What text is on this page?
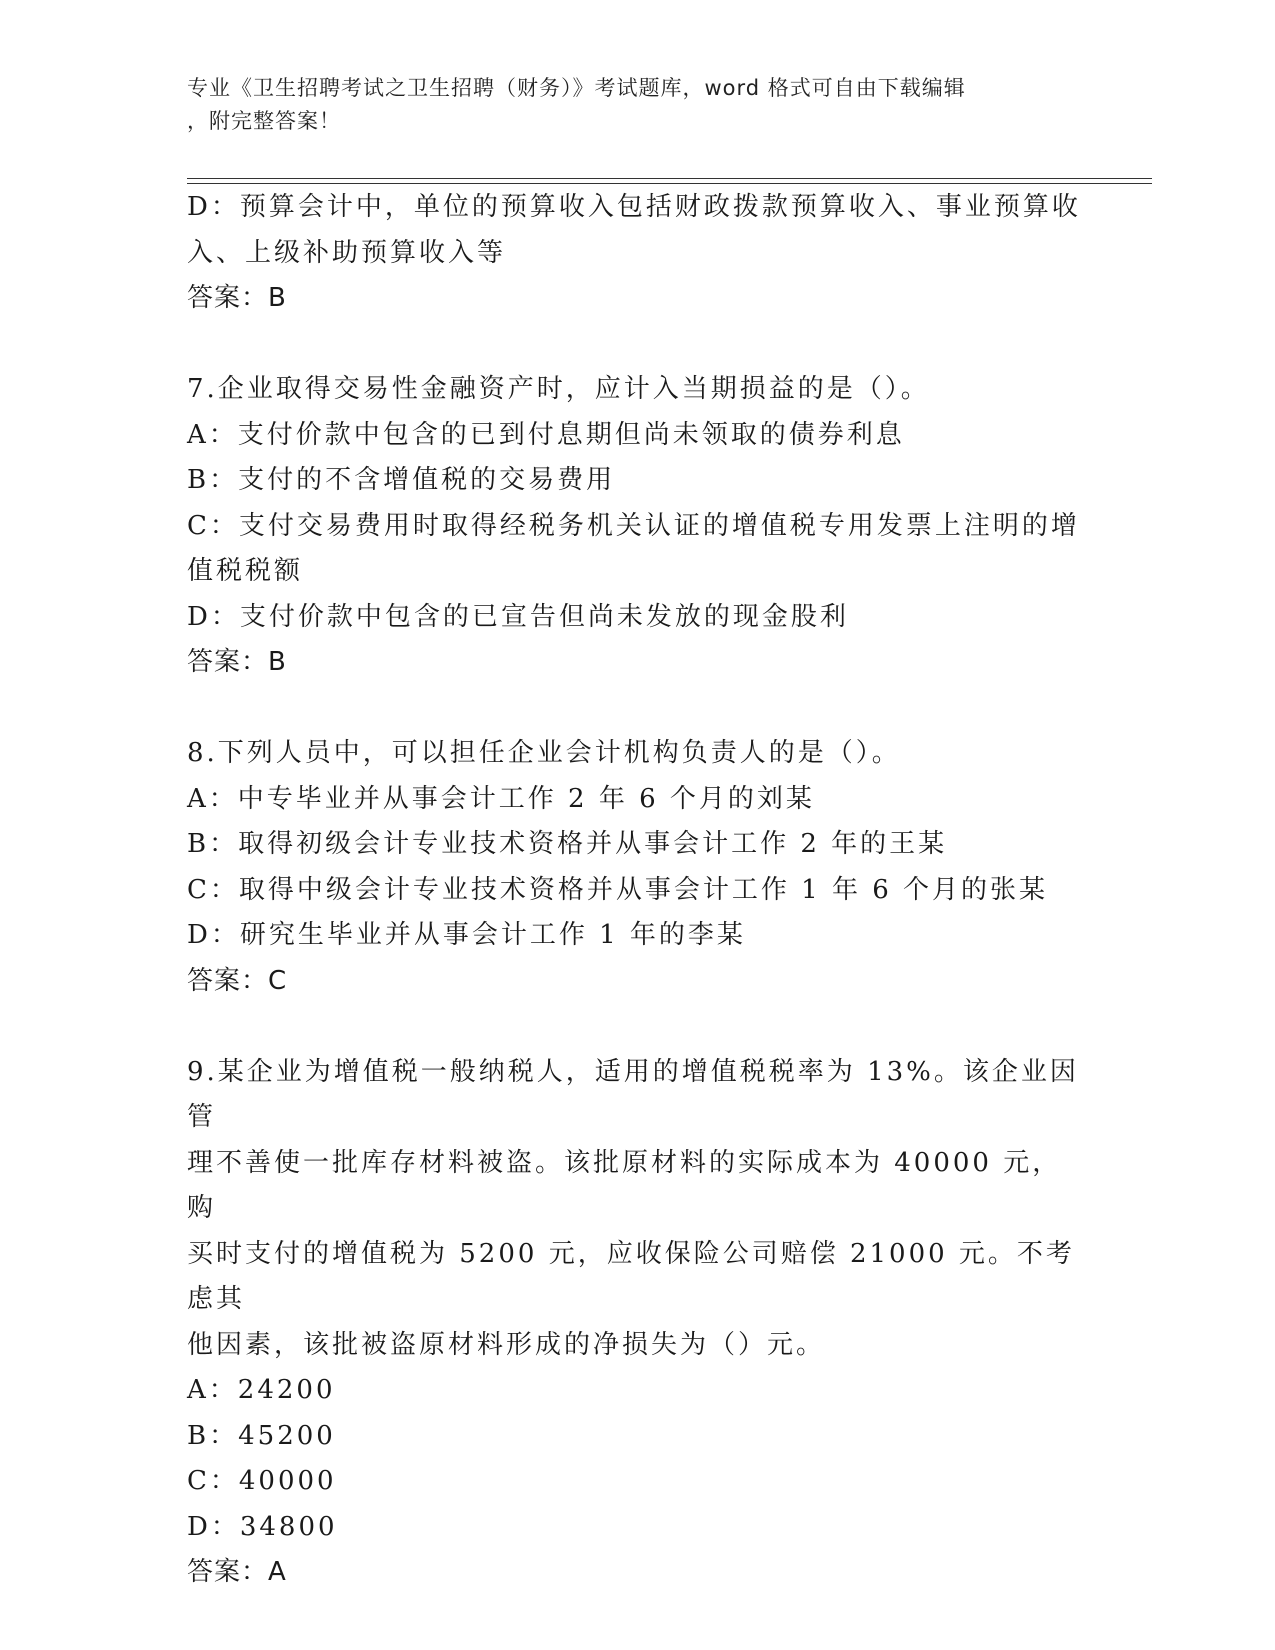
专业《卫生招聘考试之卫生招聘（财务）》考试题库，word 格式可自由下载编辑
，附完整答案！
D：预算会计中，单位的预算收入包括财政拨款预算收入、事业预算收
入、上级补助预算收入等
答案：B
7.企业取得交易性金融资产时，应计入当期损益的是（）。
A：支付价款中包含的已到付息期但尚未领取的债券利息
B：支付的不含增值税的交易费用
C：支付交易费用时取得经税务机关认证的增值税专用发票上注明的增
值税税额
D：支付价款中包含的已宣告但尚未发放的现金股利
答案：B
8.下列人员中，可以担任企业会计机构负责人的是（）。
A：中专毕业并从事会计工作 2 年 6 个月的刘某
B：取得初级会计专业技术资格并从事会计工作 2 年的王某
C：取得中级会计专业技术资格并从事会计工作 1 年 6 个月的张某
D：研究生毕业并从事会计工作 1 年的李某
答案：C
9.某企业为增值税一般纳税人，适用的增值税税率为 13%。该企业因管
理不善使一批库存材料被盗。该批原材料的实际成本为 40000 元，购
买时支付的增值税为 5200 元，应收保险公司赔偿 21000 元。不考虑其
他因素，该批被盗原材料形成的净损失为（）元。
A：24200
B：45200
C：40000
D：34800
答案：A
